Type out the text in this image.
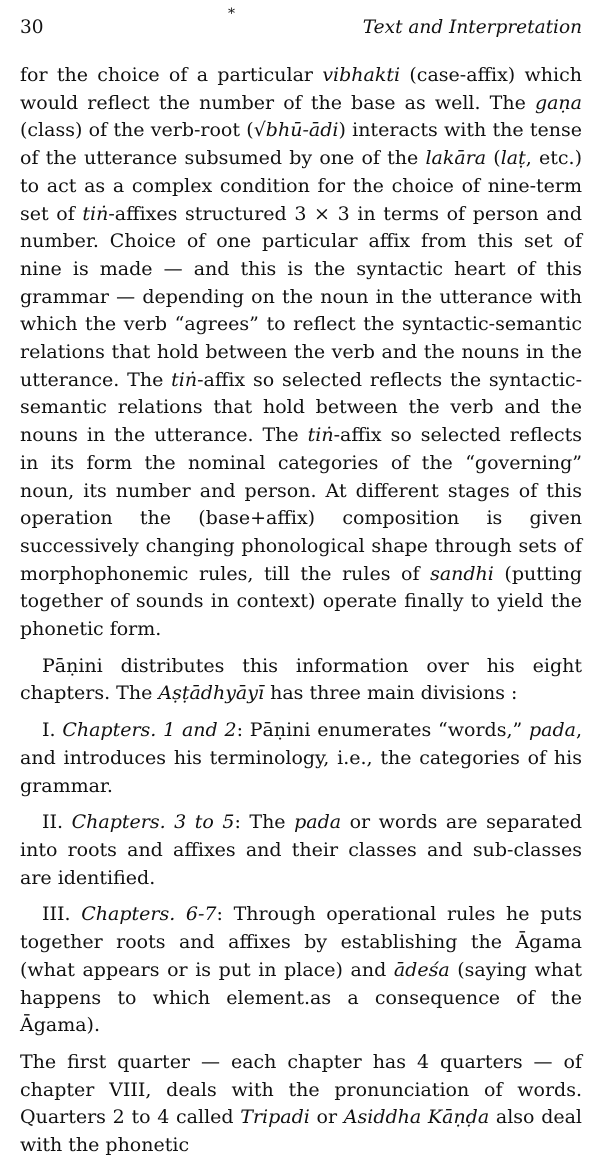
*
30	Text and Interpretation

for the choice of a particular vibhakti (case-affix) which would reflect the number of the base as well. The gaṇa (class) of the verb-root (√bhū-ādi) interacts with the tense of the utterance subsumed by one of the lakāra (laṭ, etc.) to act as a complex condition for the choice of nine-term set of tiṅ-affixes structured 3 × 3 in terms of person and number. Choice of one particular affix from this set of nine is made — and this is the syntactic heart of this grammar — depending on the noun in the utterance with which the verb “agrees” to reflect the syntactic-semantic relations that hold between the verb and the nouns in the utterance. The tiṅ-affix so selected reflects the syntactic-semantic relations that hold between the verb and the nouns in the utterance. The tiṅ-affix so selected reflects in its form the nominal categories of the “governing” noun, its number and person. At different stages of this operation the (base+affix) composition is given successively changing phonological shape through sets of morphophonemic rules, till the rules of sandhi (putting together of sounds in context) operate finally to yield the phonetic form.

Pāṇini distributes this information over his eight chapters. The Aṣṭādhyāyī has three main divisions :

I. Chapters. 1 and 2: Pāṇini enumerates “words,” pada, and introduces his terminology, i.e., the categories of his grammar.

II. Chapters. 3 to 5: The pada or words are separated into roots and affixes and their classes and sub-classes are identified.

III. Chapters. 6-7: Through operational rules he puts together roots and affixes by establishing the Āgama (what appears or is put in place) and ādeśa (saying what happens to which element.as a consequence of the Āgama).

The first quarter — each chapter has 4 quarters — of chapter VIII, deals with the pronunciation of words. Quarters 2 to 4 called Tripadi or Asiddha Kāṇḍa also deal with the phonetic
